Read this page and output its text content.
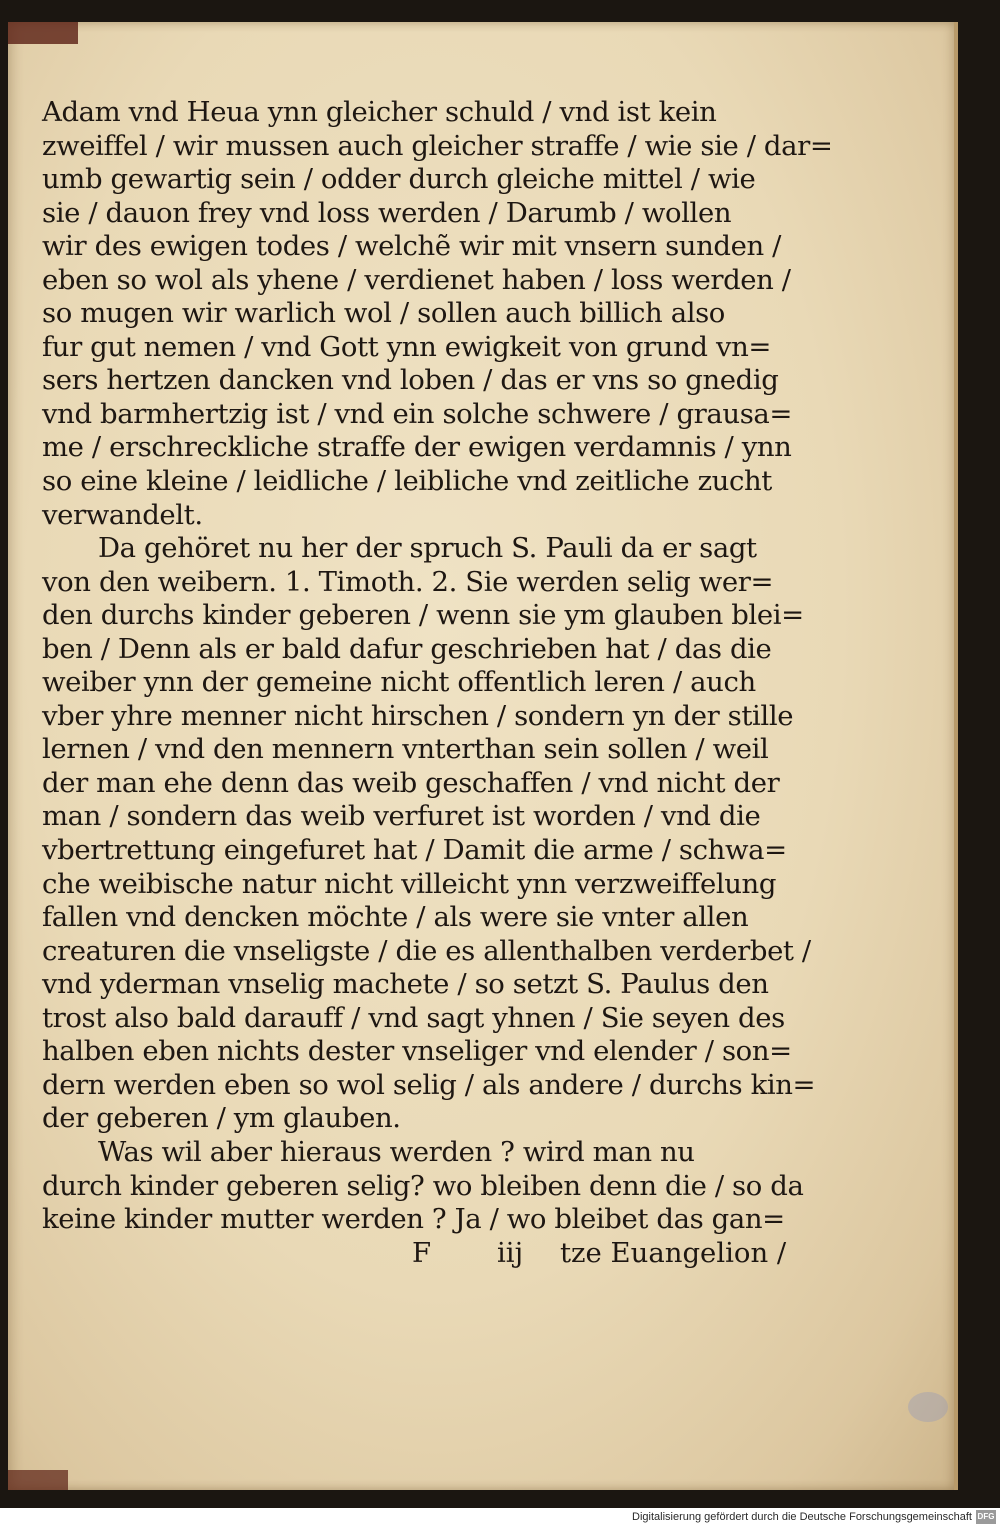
Adam vnd Heua ynn gleicher schuld / vnd ist kein
zweiffel / wir mussen auch gleicher straffe / wie sie / dar=
umb gewartig sein / odder durch gleiche mittel / wie
sie / dauon frey vnd loss werden / Darumb / wollen
wir des ewigen todes / welchẽ wir mit vnsern sunden /
eben so wol als yhene / verdienet haben / loss werden /
so mugen wir warlich wol / sollen auch billich also
fur gut nemen / vnd Gott ynn ewigkeit von grund vn=
sers hertzen dancken vnd loben / das er vns so gnedig
vnd barmhertzig ist / vnd ein solche schwere / grausa=
me / erschreckliche straffe der ewigen verdamnis / ynn
so eine kleine / leidliche / leibliche vnd zeitliche zucht
verwandelt.
Da gehöret nu her der spruch S. Pauli da er sagt
von den weibern. 1. Timoth. 2. Sie werden selig wer=
den durchs kinder geberen / wenn sie ym glauben blei=
ben / Denn als er bald dafur geschrieben hat / das die
weiber ynn der gemeine nicht offentlich leren / auch
vber yhre menner nicht hirschen / sondern yn der stille
lernen / vnd den mennern vnterthan sein sollen / weil
der man ehe denn das weib geschaffen / vnd nicht der
man / sondern das weib verfuret ist worden / vnd die
vbertrettung eingefuret hat / Damit die arme / schwa=
che weibische natur nicht villeicht ynn verzweiffelung
fallen vnd dencken möchte / als were sie vnter allen
creaturen die vnseligste / die es allenthalben verderbet /
vnd yderman vnselig machete / so setzt S. Paulus den
trost also bald darauff / vnd sagt yhnen / Sie seyen des
halben eben nichts dester vnseliger vnd elender / son=
dern werden eben so wol selig / als andere / durchs kin=
der geberen / ym glauben.
Was wil aber hieraus werden ? wird man nu
durch kinder geberen selig? wo bleiben denn die / so da
keine kinder mutter werden ? Ja / wo bleibet das gan=
F iij tze Euangelion /
Digitalisierung gefördert durch die Deutsche Forschungsgemeinschaft DFG
